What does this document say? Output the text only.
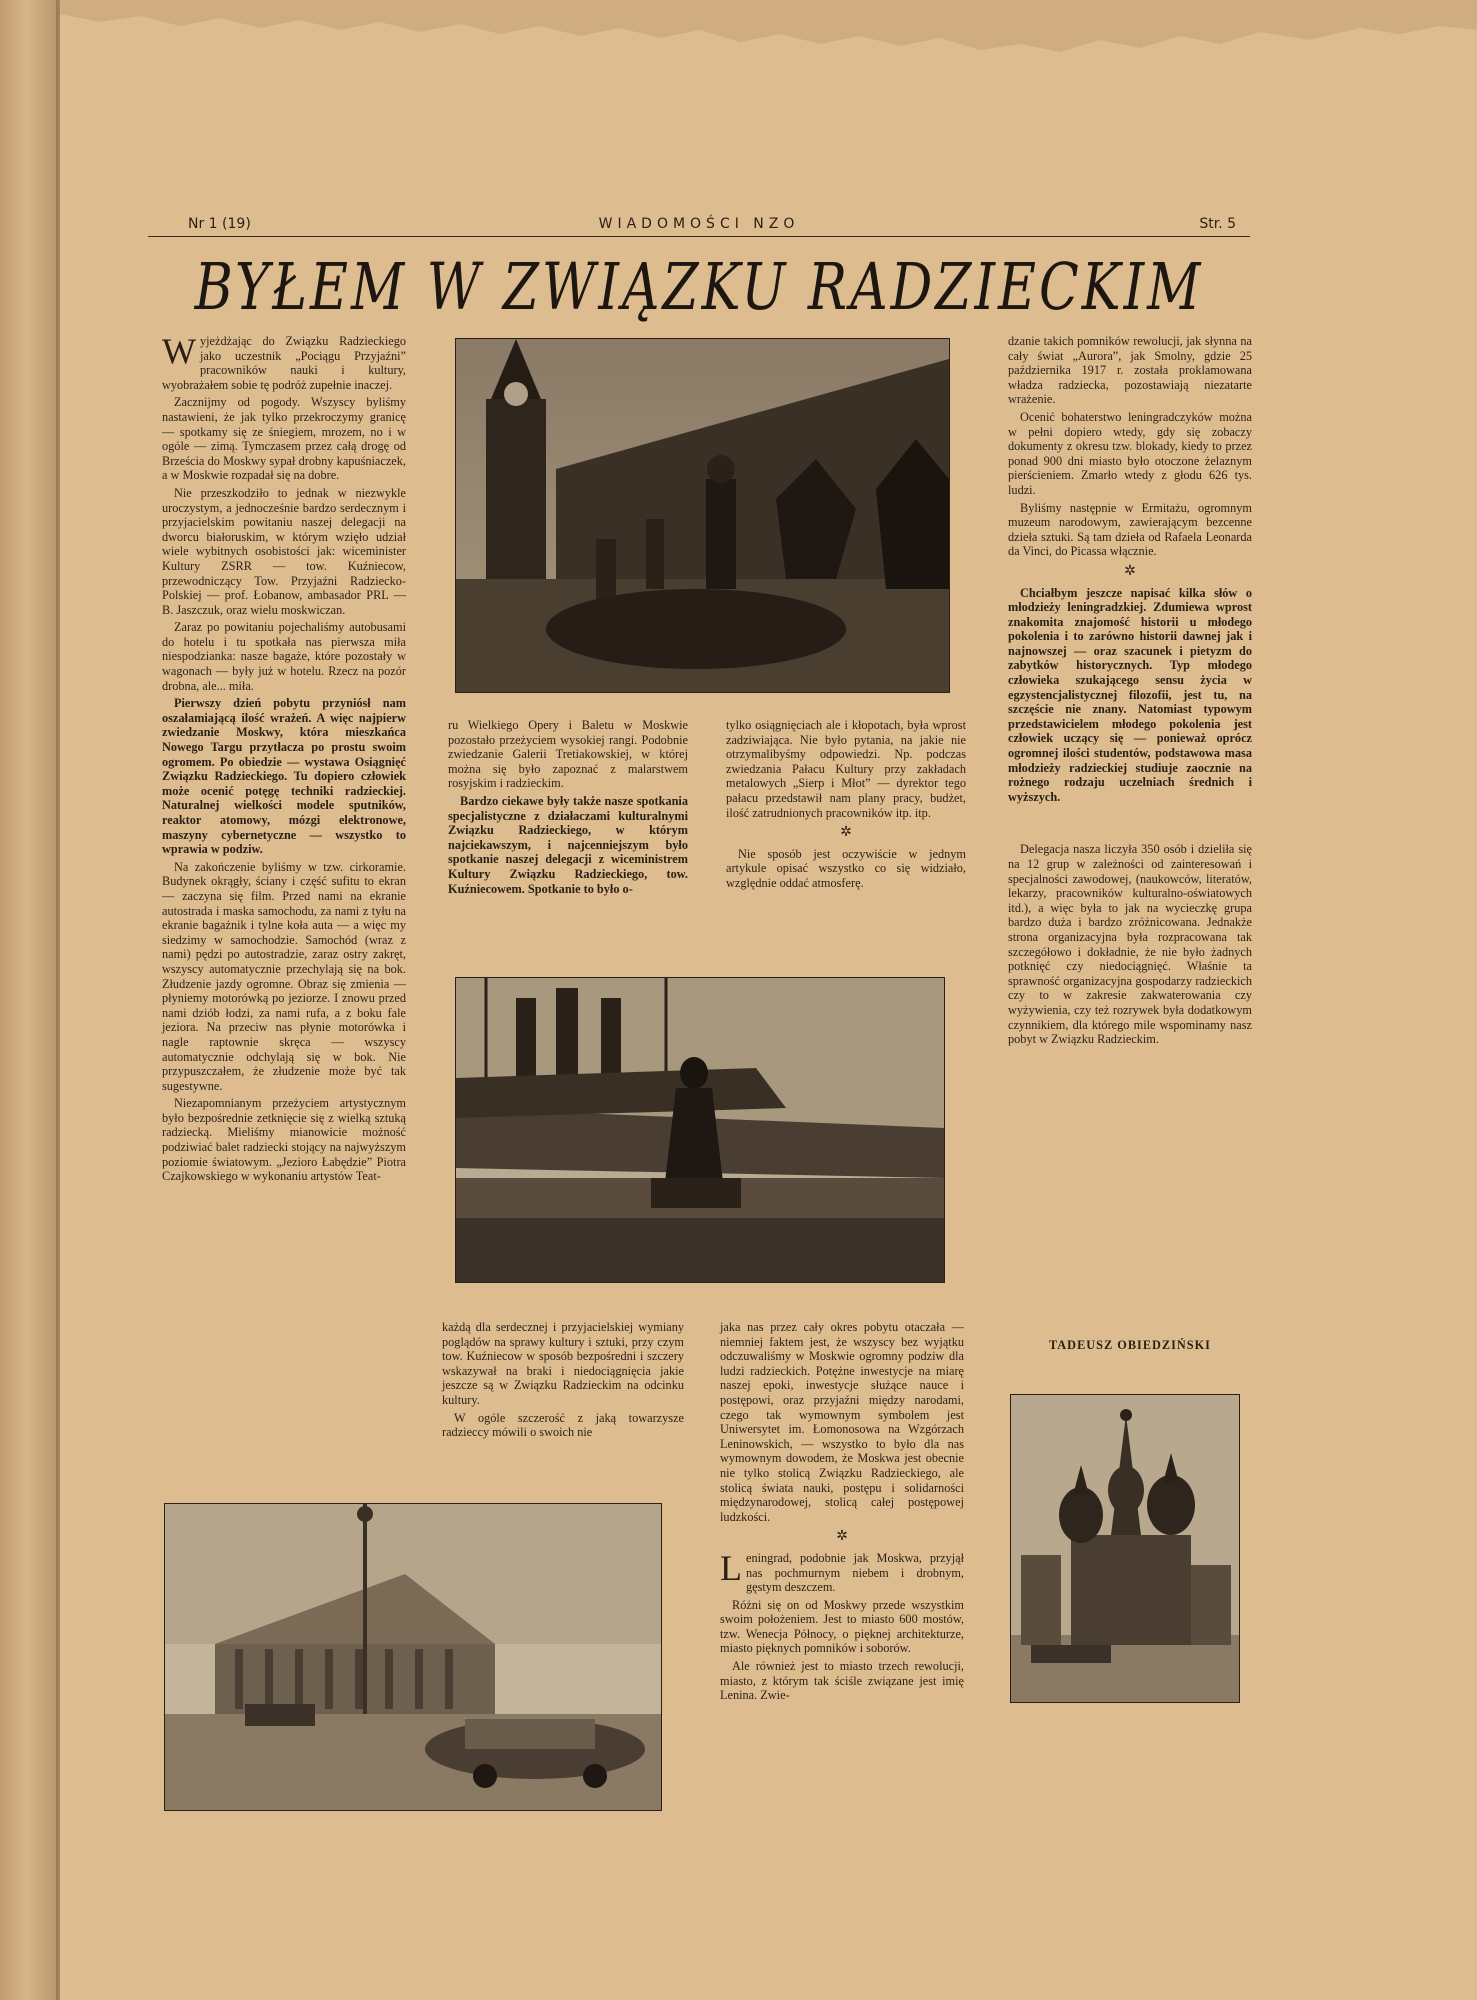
Nr 1 (19)	WIADOMOŚCI NZO	Str. 5
BYŁEM W ZWIĄZKU RADZIECKIM

Wyjeżdżając do Związku Radzieckiego jako uczestnik „Pociągu Przyjaźni” pracowników nauki i kultury, wyobrażałem sobie tę podróż zupełnie inaczej.

Zacznijmy od pogody. Wszyscy byliśmy nastawieni, że jak tylko przekroczymy granicę — spotkamy się ze śniegiem, mrozem, no i w ogóle — zimą. Tymczasem przez całą drogę od Brześcia do Moskwy sypał drobny kapuśniaczek, a w Moskwie rozpadał się na dobre.

Nie przeszkodziło to jednak w niezwykle uroczystym, a jednocześnie bardzo serdecznym i przyjacielskim powitaniu naszej delegacji na dworcu białoruskim, w którym wzięło udział wiele wybitnych osobistości jak: wiceminister Kultury ZSRR — tow. Kuźniecow, przewodniczący Tow. Przyjaźni Radziecko-Polskiej — prof. Łobanow, ambasador PRL — B. Jaszczuk, oraz wielu moskwiczan.

Zaraz po powitaniu pojechaliśmy autobusami do hotelu i tu spotkała nas pierwsza miła niespodzianka: nasze bagaże, które pozostały w wagonach — były już w hotelu. Rzecz na pozór drobna, ale... miła.

Pierwszy dzień pobytu przyniósł nam oszałamiającą ilość wrażeń. A więc najpierw zwiedzanie Moskwy, która mieszkańca Nowego Targu przytłacza po prostu swoim ogromem. Po obiedzie — wystawa Osiągnięć Związku Radzieckiego. Tu dopiero człowiek może ocenić potęgę techniki radzieckiej. Naturalnej wielkości modele sputników, reaktor atomowy, mózgi elektronowe, maszyny cybernetyczne — wszystko to wprawia w podziw.

Na zakończenie byliśmy w tzw. cirkoramie. Budynek okrągły, ściany i część sufitu to ekran — zaczyna się film. Przed nami na ekranie autostrada i maska samochodu, za nami z tyłu na ekranie bagażnik i tylne koła auta — a więc my siedzimy w samochodzie. Samochód (wraz z nami) pędzi po autostradzie, zaraz ostry zakręt, wszyscy automatycznie przechylają się na bok. Złudzenie jazdy ogromne. Obraz się zmienia — płyniemy motorówką po jeziorze. I znowu przed nami dziób łodzi, za nami rufa, a z boku fale jeziora. Na przeciw nas płynie motorówka i nagle raptownie skręca — wszyscy automatycznie odchylają się w bok. Nie przypuszczałem, że złudzenie może być tak sugestywne.

Niezapomnianym przeżyciem artystycznym było bezpośrednie zetknięcie się z wielką sztuką radziecką. Mieliśmy mianowicie możność podziwiać balet radziecki stojący na najwyższym poziomie światowym. „Jezioro Łabędzie” Piotra Czajkowskiego w wykonaniu artystów Teat-

ru Wielkiego Opery i Baletu w Moskwie pozostało przeżyciem wysokiej rangi. Podobnie zwiedzanie Galerii Tretiakowskiej, w której można się było zapoznać z malarstwem rosyjskim i radzieckim.

Bardzo ciekawe były także nasze spotkania specjalistyczne z działaczami kulturalnymi Związku Radzieckiego, w którym najciekawszym, i najcenniejszym było spotkanie naszej delegacji z wiceministrem Kultury Związku Radzieckiego, tow. Kuźniecowem. Spotkanie to było o-

tylko osiągnięciach ale i kłopotach, była wprost zadziwiająca. Nie było pytania, na jakie nie otrzymalibyśmy odpowiedzi. Np. podczas zwiedzania Pałacu Kultury przy zakładach metalowych „Sierp i Młot” — dyrektor tego pałacu przedstawił nam plany pracy, budżet, ilość zatrudnionych pracowników itp. itp.

✲

Nie sposób jest oczywiście w jednym artykule opisać wszystko co się widziało, względnie oddać atmosferę.

każdą dla serdecznej i przyjacielskiej wymiany poglądów na sprawy kultury i sztuki, przy czym tow. Kuźniecow w sposób bezpośredni i szczery wskazywał na braki i niedociągnięcia jakie jeszcze są w Związku Radzieckim na odcinku kultury.

W ogóle szczerość z jaką towarzysze radzieccy mówili o swoich nie

jaka nas przez cały okres pobytu otaczała — niemniej faktem jest, że wszyscy bez wyjątku odczuwaliśmy w Moskwie ogromny podziw dla ludzi radzieckich. Potężne inwestycje na miarę naszej epoki, inwestycje służące nauce i postępowi, oraz przyjaźni między narodami, czego tak wymownym symbolem jest Uniwersytet im. Łomonosowa na Wzgórzach Leninowskich, — wszystko to było dla nas wymownym dowodem, że Moskwa jest obecnie nie tylko stolicą Związku Radzieckiego, ale stolicą świata nauki, postępu i solidarności międzynarodowej, stolicą całej postępowej ludzkości.

✲

Leningrad, podobnie jak Moskwa, przyjął nas pochmurnym niebem i drobnym, gęstym deszczem.

Różni się on od Moskwy przede wszystkim swoim położeniem. Jest to miasto 600 mostów, tzw. Wenecja Północy, o pięknej architekturze, miasto pięknych pomników i soborów.

Ale również jest to miasto trzech rewolucji, miasto, z którym tak ściśle związane jest imię Lenina. Zwie-

dzanie takich pomników rewolucji, jak słynna na cały świat „Aurora”, jak Smolny, gdzie 25 października 1917 r. została proklamowana władza radziecka, pozostawiają niezatarte wrażenie.

Ocenić bohaterstwo leningradczyków można w pełni dopiero wtedy, gdy się zobaczy dokumenty z okresu tzw. blokady, kiedy to przez ponad 900 dni miasto było otoczone żelaznym pierścieniem. Zmarło wtedy z głodu 626 tys. ludzi.

Byliśmy następnie w Ermitażu, ogromnym muzeum narodowym, zawierającym bezcenne dzieła sztuki. Są tam dzieła od Rafaela Leonarda da Vinci, do Picassa włącznie.

✲

Chciałbym jeszcze napisać kilka słów o młodzieży leningradzkiej. Zdumiewa wprost znakomita znajomość historii u młodego pokolenia i to zarówno historii dawnej jak i najnowszej — oraz szacunek i pietyzm do zabytków historycznych. Typ młodego człowieka szukającego sensu życia w egzystencjalistycznej filozofii, jest tu, na szczęście nie znany. Natomiast typowym przedstawicielem młodego pokolenia jest człowiek uczący się — ponieważ oprócz ogromnej ilości studentów, podstawowa masa młodzieży radzieckiej studiuje zaocznie na rożnego rodzaju uczelniach średnich i wyższych.

Delegacja nasza liczyła 350 osób i dzieliła się na 12 grup w zależności od zainteresowań i specjalności zawodowej, (naukowców, literatów, lekarzy, pracowników kulturalno-oświatowych itd.), a więc była to jak na wycieczkę grupa bardzo duża i bardzo zróżnicowana. Jednakże strona organizacyjna była rozpracowana tak szczegółowo i dokładnie, że nie było żadnych potknięć czy niedociągnięć. Właśnie ta sprawność organizacyjna gospodarzy radzieckich czy to w zakresie zakwaterowania czy wyżywienia, czy też rozrywek była dodatkowym czynnikiem, dla którego mile wspominamy nasz pobyt w Związku Radzieckim.

TADEUSZ OBIEDZIŃSKI
